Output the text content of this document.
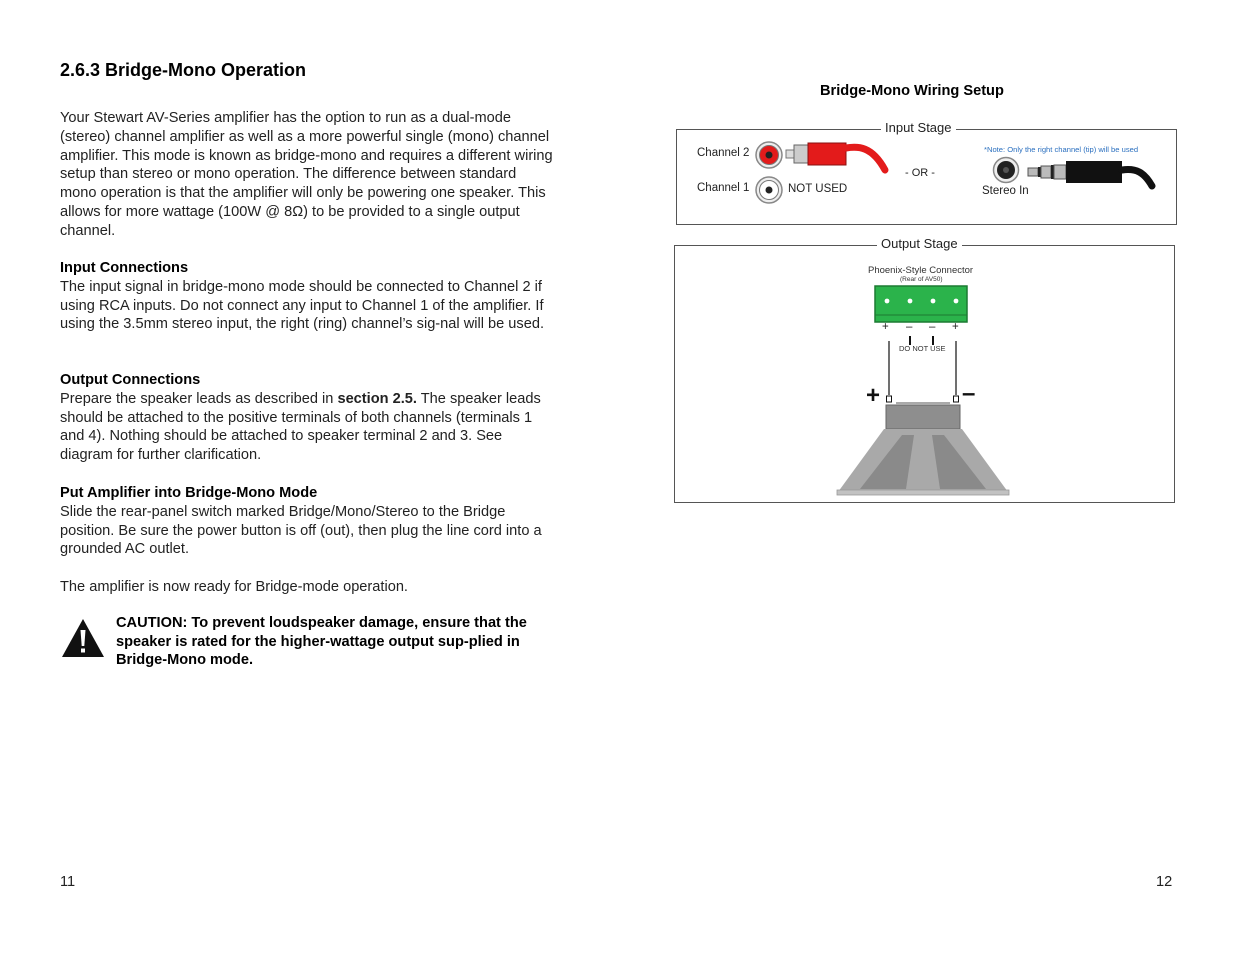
2.6.3 Bridge-Mono Operation

Your Stewart AV-Series amplifier has the option to run as a dual-mode (stereo) channel amplifier as well as a more powerful single (mono) channel amplifier. This mode is known as bridge-mono and requires a different wiring setup than stereo or mono operation. The difference between standard mono operation is that the amplifier will only be powering one speaker. This allows for more wattage (100W @ 8Ω) to be provided to a single output channel.

Input Connections

The input signal in bridge-mono mode should be connected to Channel 2 if using RCA inputs. Do not connect any input to Channel 1 of the amplifier. If using the 3.5mm stereo input, the right (ring) channel’s sig-nal will be used.

Output Connections

Prepare the speaker leads as described in section 2.5. The speaker leads should be attached to the positive terminals of both channels (terminals 1 and 4). Nothing should be attached to speaker terminal 2 and 3. See diagram for further clarification.

Put Amplifier into Bridge-Mono Mode

Slide the rear-panel switch marked Bridge/Mono/Stereo to the Bridge position. Be sure the power button is off (out), then plug the line cord into a grounded AC outlet.

The amplifier is now ready for Bridge-mode operation.

CAUTION: To prevent loudspeaker damage, ensure that the speaker is rated for the higher-wattage output sup-plied in Bridge-Mono mode.
11	12
Bridge-Mono Wiring Setup
Input Stage
Channel 2
Channel 1	NOT USED
- OR -
*Note: Only the right channel (tip) will be used
Stereo In
Output Stage
Phoenix-Style Connector
(Rear of AV50)
+ – – +
DO NOT USE
+	–
